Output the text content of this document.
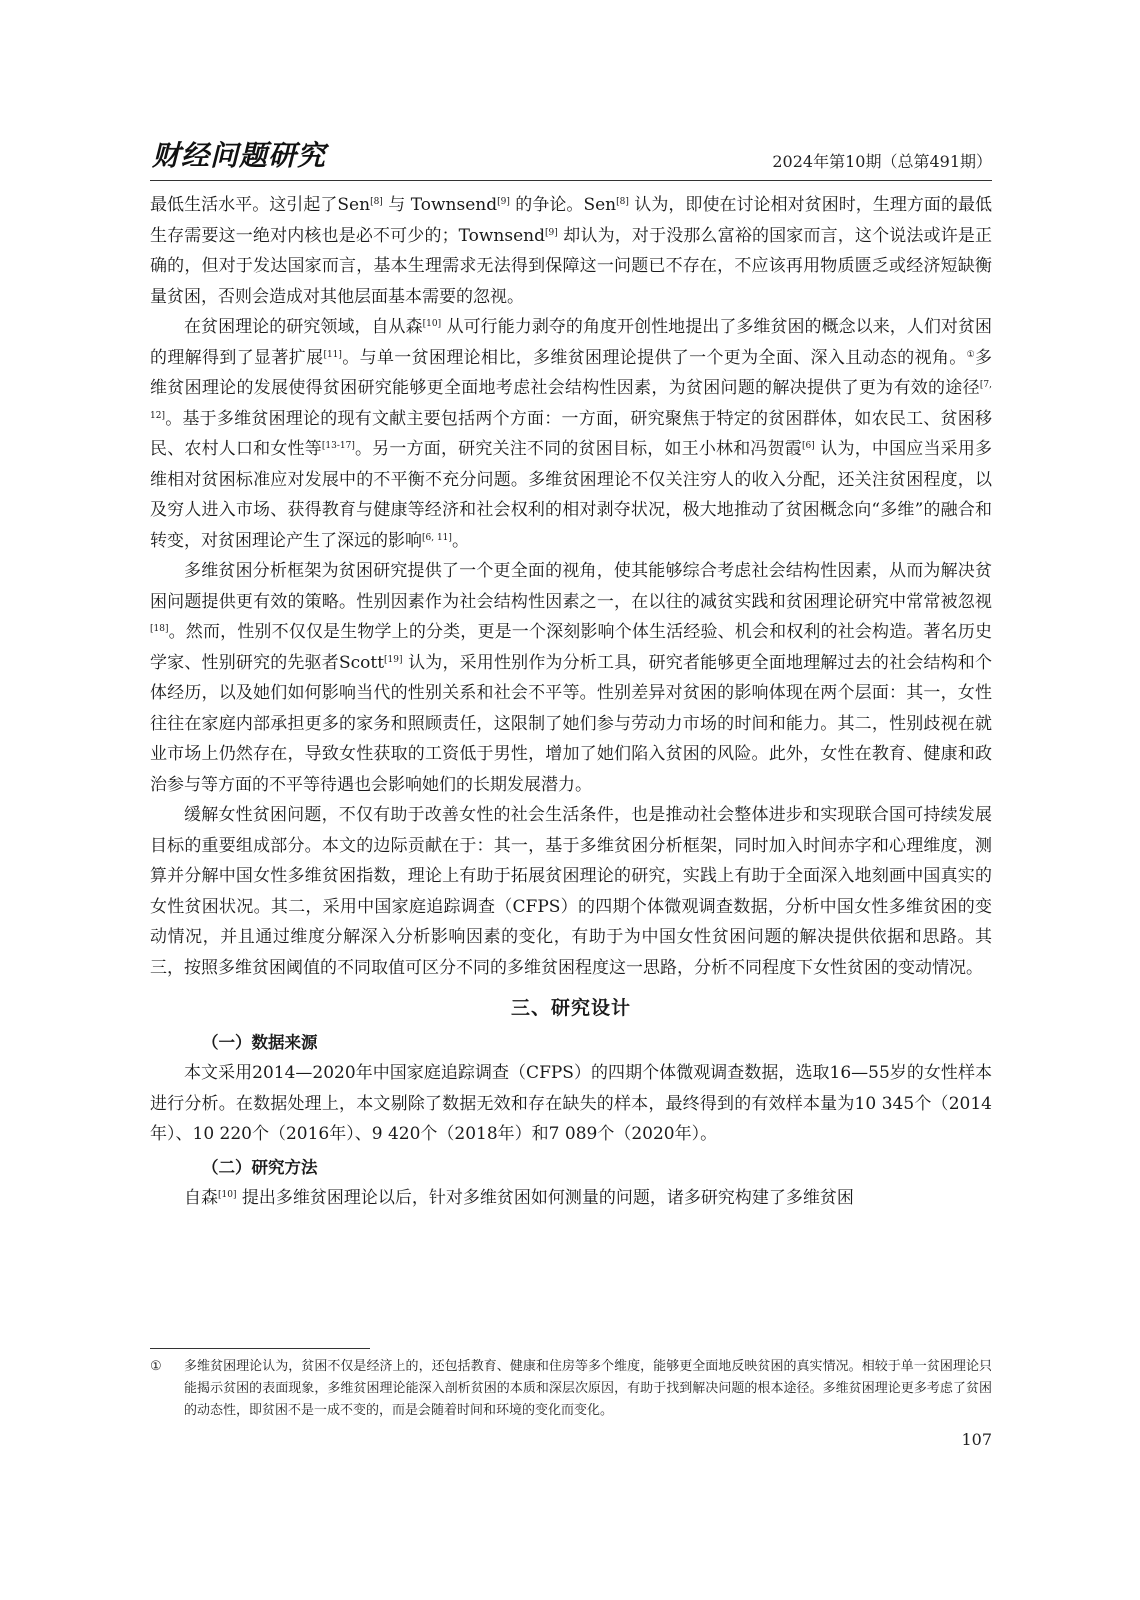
财经问题研究	2024年第10期（总第491期）
最低生活水平。这引起了Sen[8] 与 Townsend[9] 的争论。Sen[8] 认为，即使在讨论相对贫困时，生理方面的最低生存需要这一绝对内核也是必不可少的；Townsend[9] 却认为，对于没那么富裕的国家而言，这个说法或许是正确的，但对于发达国家而言，基本生理需求无法得到保障这一问题已不存在，不应该再用物质匮乏或经济短缺衡量贫困，否则会造成对其他层面基本需要的忽视。
在贫困理论的研究领域，自从森[10] 从可行能力剥夺的角度开创性地提出了多维贫困的概念以来，人们对贫困的理解得到了显著扩展[11]。与单一贫困理论相比，多维贫困理论提供了一个更为全面、深入且动态的视角。①多维贫困理论的发展使得贫困研究能够更全面地考虑社会结构性因素，为贫困问题的解决提供了更为有效的途径[7, 12]。基于多维贫困理论的现有文献主要包括两个方面：一方面，研究聚焦于特定的贫困群体，如农民工、贫困移民、农村人口和女性等[13-17]。另一方面，研究关注不同的贫困目标，如王小林和冯贺霞[6] 认为，中国应当采用多维相对贫困标准应对发展中的不平衡不充分问题。多维贫困理论不仅关注穷人的收入分配，还关注贫困程度，以及穷人进入市场、获得教育与健康等经济和社会权利的相对剥夺状况，极大地推动了贫困概念向“多维”的融合和转变，对贫困理论产生了深远的影响[6, 11]。
多维贫困分析框架为贫困研究提供了一个更全面的视角，使其能够综合考虑社会结构性因素，从而为解决贫困问题提供更有效的策略。性别因素作为社会结构性因素之一，在以往的减贫实践和贫困理论研究中常常被忽视[18]。然而，性别不仅仅是生物学上的分类，更是一个深刻影响个体生活经验、机会和权利的社会构造。著名历史学家、性别研究的先驱者Scott[19] 认为，采用性别作为分析工具，研究者能够更全面地理解过去的社会结构和个体经历，以及她们如何影响当代的性别关系和社会不平等。性别差异对贫困的影响体现在两个层面：其一，女性往往在家庭内部承担更多的家务和照顾责任，这限制了她们参与劳动力市场的时间和能力。其二，性别歧视在就业市场上仍然存在，导致女性获取的工资低于男性，增加了她们陷入贫困的风险。此外，女性在教育、健康和政治参与等方面的不平等待遇也会影响她们的长期发展潜力。
缓解女性贫困问题，不仅有助于改善女性的社会生活条件，也是推动社会整体进步和实现联合国可持续发展目标的重要组成部分。本文的边际贡献在于：其一，基于多维贫困分析框架，同时加入时间赤字和心理维度，测算并分解中国女性多维贫困指数，理论上有助于拓展贫困理论的研究，实践上有助于全面深入地刻画中国真实的女性贫困状况。其二，采用中国家庭追踪调查（CFPS）的四期个体微观调查数据，分析中国女性多维贫困的变动情况，并且通过维度分解深入分析影响因素的变化，有助于为中国女性贫困问题的解决提供依据和思路。其三，按照多维贫困阈值的不同取值可区分不同的多维贫困程度这一思路，分析不同程度下女性贫困的变动情况。
三、研究设计
（一）数据来源
本文采用2014—2020年中国家庭追踪调查（CFPS）的四期个体微观调查数据，选取16—55岁的女性样本进行分析。在数据处理上，本文剔除了数据无效和存在缺失的样本，最终得到的有效样本量为10 345个（2014年）、10 220个（2016年）、9 420个（2018年）和7 089个（2020年）。
（二）研究方法
自森[10] 提出多维贫困理论以后，针对多维贫困如何测量的问题，诸多研究构建了多维贫困
①	多维贫困理论认为，贫困不仅是经济上的，还包括教育、健康和住房等多个维度，能够更全面地反映贫困的真实情况。相较于单一贫困理论只能揭示贫困的表面现象，多维贫困理论能深入剖析贫困的本质和深层次原因，有助于找到解决问题的根本途径。多维贫困理论更多考虑了贫困的动态性，即贫困不是一成不变的，而是会随着时间和环境的变化而变化。
107
